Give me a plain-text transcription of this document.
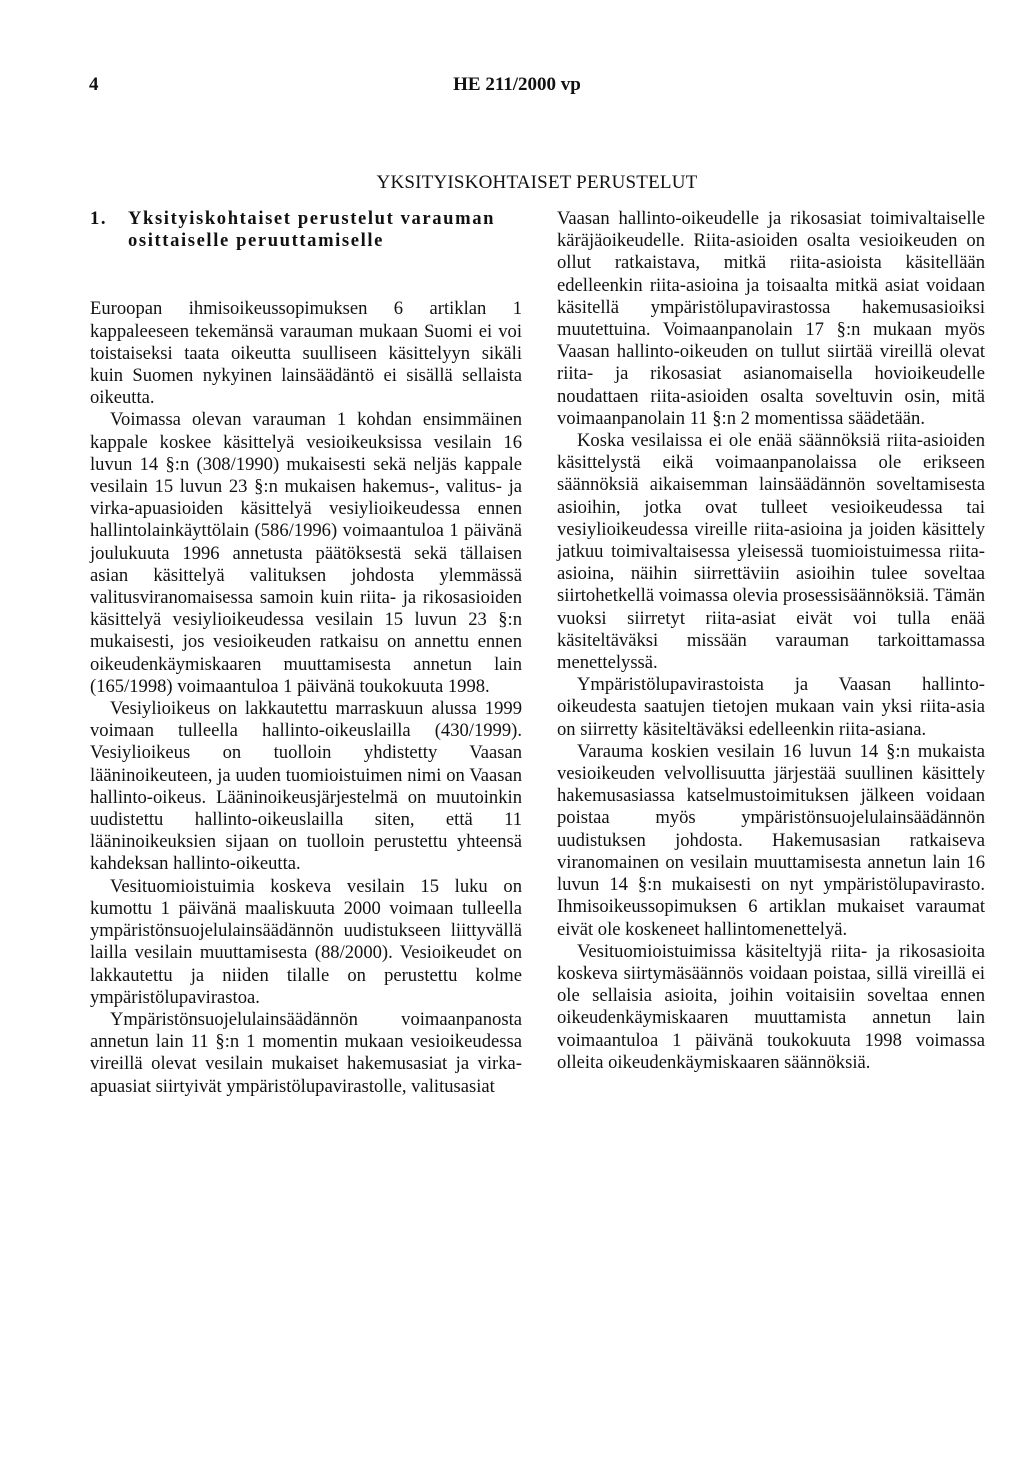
4	HE 211/2000 vp
YKSITYISKOHTAISET PERUSTELUT
1.	Yksityiskohtaiset perustelut varauman osittaiselle peruuttamiselle

Euroopan ihmisoikeussopimuksen 6 artiklan 1 kappaleeseen tekemänsä varauman mukaan Suomi ei voi toistaiseksi taata oikeutta suulliseen käsittelyyn sikäli kuin Suomen nykyinen lainsäädäntö ei sisällä sellaista oikeutta.

Voimassa olevan varauman 1 kohdan ensimmäinen kappale koskee käsittelyä vesioikeuksissa vesilain 16 luvun 14 §:n (308/1990) mukaisesti sekä neljäs kappale vesilain 15 luvun 23 §:n mukaisen hakemus-, valitus- ja virka-apuasioiden käsittelyä vesiylioikeudessa ennen hallintolainkäyttölain (586/1996) voimaantuloa 1 päivänä joulukuuta 1996 annetusta päätöksestä sekä tällaisen asian käsittelyä valituksen johdosta ylemmässä valitusviranomaisessa samoin kuin riita- ja rikosasioiden käsittelyä vesiylioikeudessa vesilain 15 luvun 23 §:n mukaisesti, jos vesioikeuden ratkaisu on annettu ennen oikeudenkäymiskaaren muuttamisesta annetun lain (165/1998) voimaantuloa 1 päivänä toukokuuta 1998.

Vesiylioikeus on lakkautettu marraskuun alussa 1999 voimaan tulleella hallinto-oikeuslailla (430/1999). Vesiylioikeus on tuolloin yhdistetty Vaasan lääninoikeuteen, ja uuden tuomioistuimen nimi on Vaasan hallinto-oikeus. Lääninoikeusjärjestelmä on muutoinkin uudistettu hallinto-oikeuslailla siten, että 11 lääninoikeuksien sijaan on tuolloin perustettu yhteensä kahdeksan hallinto-oikeutta.

Vesituomioistuimia koskeva vesilain 15 luku on kumottu 1 päivänä maaliskuuta 2000 voimaan tulleella ympäristönsuojelulainsäädännön uudistukseen liittyvällä lailla vesilain muuttamisesta (88/2000). Vesioikeudet on lakkautettu ja niiden tilalle on perustettu kolme ympäristölupavirastoa.

Ympäristönsuojelulainsäädännön voimaanpanosta annetun lain 11 §:n 1 momentin mukaan vesioikeudessa vireillä olevat vesilain mukaiset hakemusasiat ja virka-apuasiat siirtyivät ympäristölupavirastolle, valitusasiat

Vaasan hallinto-oikeudelle ja rikosasiat toimivaltaiselle käräjäoikeudelle. Riita-asioiden osalta vesioikeuden on ollut ratkaistava, mitkä riita-asioista käsitellään edelleenkin riita-asioina ja toisaalta mitkä asiat voidaan käsitellä ympäristölupavirastossa hakemusasioiksi muutettuina. Voimaanpanolain 17 §:n mukaan myös Vaasan hallinto-oikeuden on tullut siirtää vireillä olevat riita- ja rikosasiat asianomaisella hovioikeudelle noudattaen riita-asioiden osalta soveltuvin osin, mitä voimaanpanolain 11 §:n 2 momentissa säädetään.

Koska vesilaissa ei ole enää säännöksiä riita-asioiden käsittelystä eikä voimaanpanolaissa ole erikseen säännöksiä aikaisemman lainsäädännön soveltamisesta asioihin, jotka ovat tulleet vesioikeudessa tai vesiylioikeudessa vireille riita-asioina ja joiden käsittely jatkuu toimivaltaisessa yleisessä tuomioistuimessa riita-asioina, näihin siirrettäviin asioihin tulee soveltaa siirtohetkellä voimassa olevia prosessisäännöksiä. Tämän vuoksi siirretyt riita-asiat eivät voi tulla enää käsiteltäväksi missään varauman tarkoittamassa menettelyssä.

Ympäristölupavirastoista ja Vaasan hallinto-oikeudesta saatujen tietojen mukaan vain yksi riita-asia on siirretty käsiteltäväksi edelleenkin riita-asiana.

Varauma koskien vesilain 16 luvun 14 §:n mukaista vesioikeuden velvollisuutta järjestää suullinen käsittely hakemusasiassa katselmustoimituksen jälkeen voidaan poistaa myös ympäristönsuojelulainsäädännön uudistuksen johdosta. Hakemusasian ratkaiseva viranomainen on vesilain muuttamisesta annetun lain 16 luvun 14 §:n mukaisesti on nyt ympäristölupavirasto. Ihmisoikeussopimuksen 6 artiklan mukaiset varaumat eivät ole koskeneet hallintomenettelyä.

Vesituomioistuimissa käsiteltyjä riita- ja rikosasioita koskeva siirtymäsäännös voidaan poistaa, sillä vireillä ei ole sellaisia asioita, joihin voitaisiin soveltaa ennen oikeudenkäymiskaaren muuttamista annetun lain voimaantuloa 1 päivänä toukokuuta 1998 voimassa olleita oikeudenkäymiskaaren säännöksiä.
